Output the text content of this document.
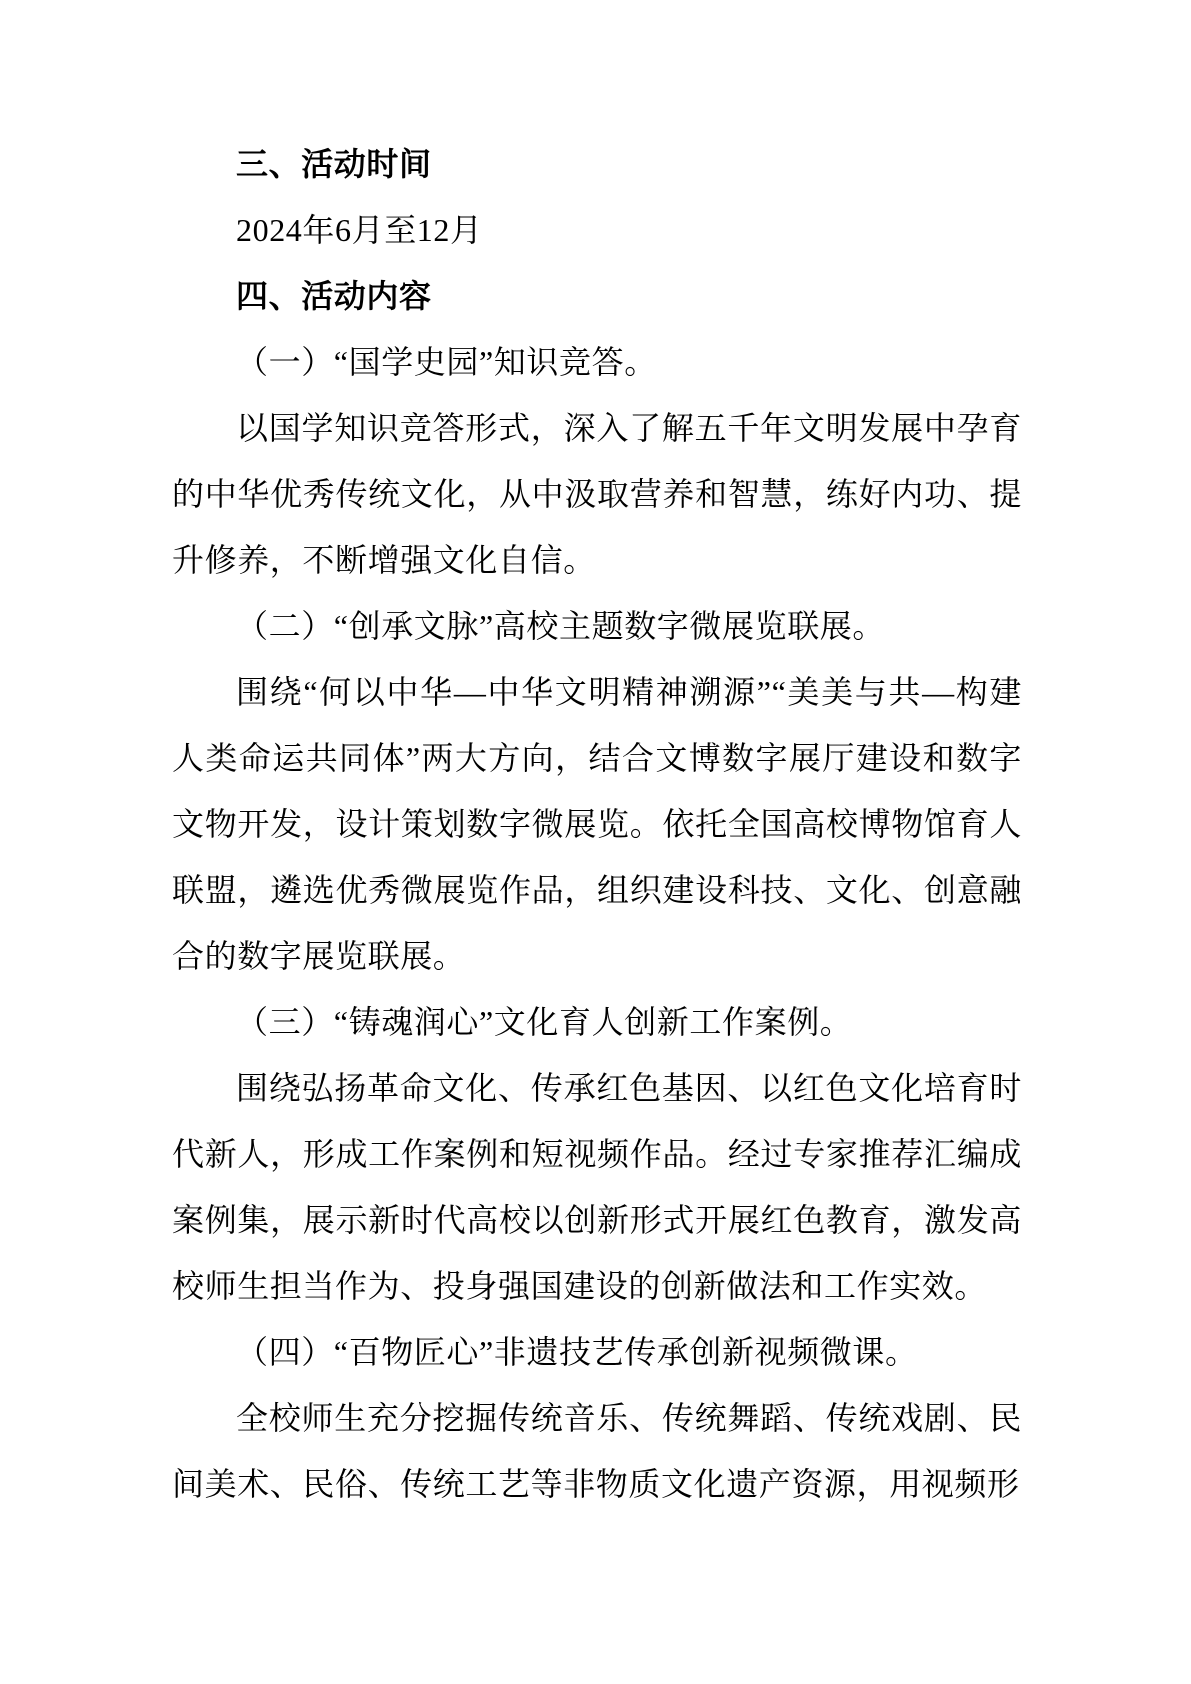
三、活动时间

2024年6月至12月

四、活动内容

（一）“国学史园”知识竞答。

以国学知识竞答形式，深入了解五千年文明发展中孕育的中华优秀传统文化，从中汲取营养和智慧，练好内功、提升修养，不断增强文化自信。

（二）“创承文脉”高校主题数字微展览联展。

围绕“何以中华—中华文明精神溯源”“美美与共—构建人类命运共同体”两大方向，结合文博数字展厅建设和数字文物开发，设计策划数字微展览。依托全国高校博物馆育人联盟，遴选优秀微展览作品，组织建设科技、文化、创意融合的数字展览联展。

（三）“铸魂润心”文化育人创新工作案例。

围绕弘扬革命文化、传承红色基因、以红色文化培育时代新人，形成工作案例和短视频作品。经过专家推荐汇编成案例集，展示新时代高校以创新形式开展红色教育，激发高校师生担当作为、投身强国建设的创新做法和工作实效。

（四）“百物匠心”非遗技艺传承创新视频微课。

全校师生充分挖掘传统音乐、传统舞蹈、传统戏剧、民间美术、民俗、传统工艺等非物质文化遗产资源，用视频形
